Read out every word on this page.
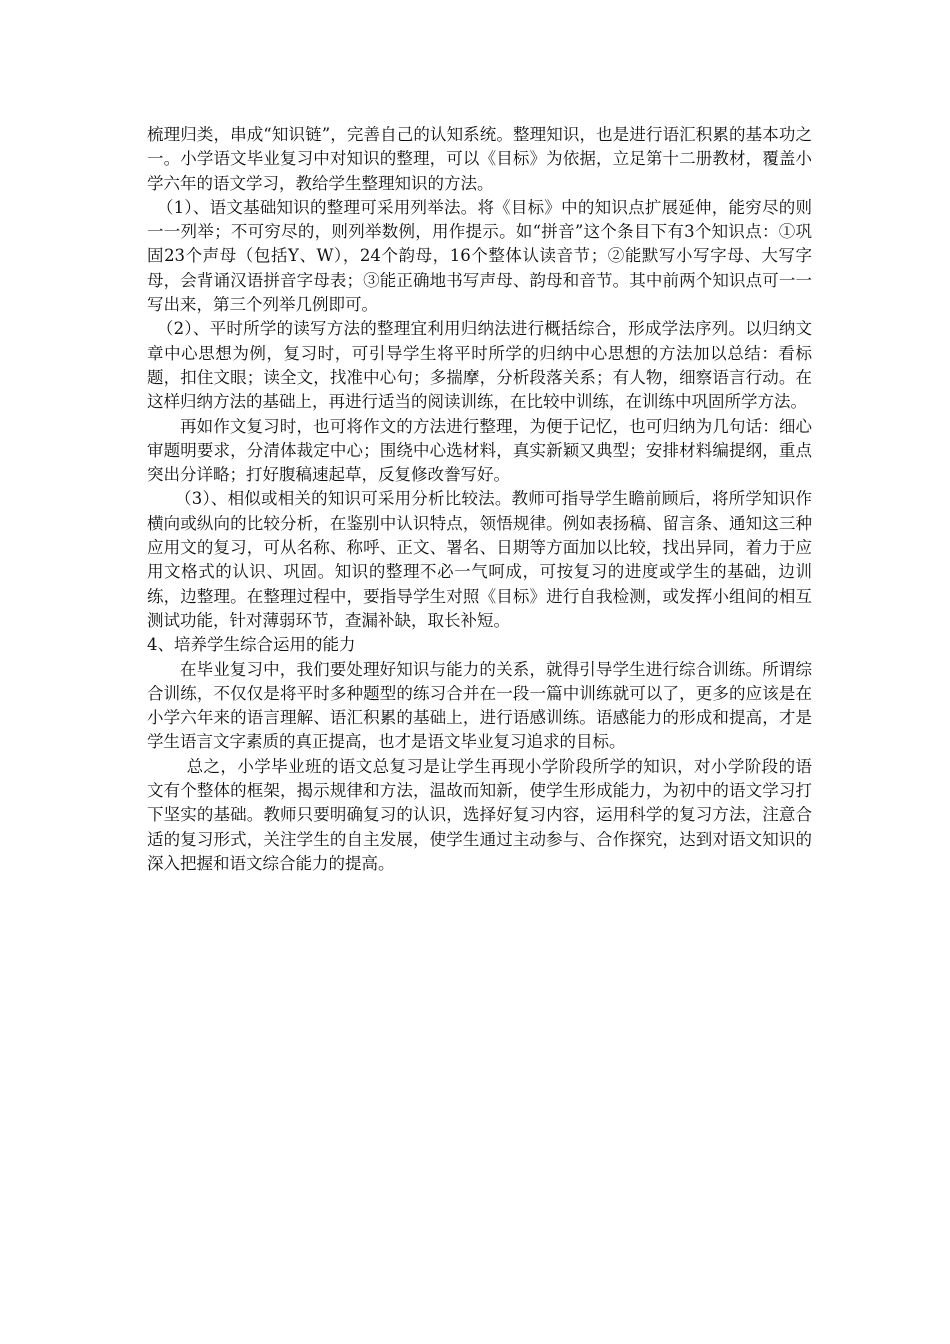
梳理归类，串成“知识链”，完善自己的认知系统。整理知识，也是进行语汇积累的基本功之一。小学语文毕业复习中对知识的整理，可以《目标》为依据，立足第十二册教材，覆盖小学六年的语文学习，教给学生整理知识的方法。

（1）、语文基础知识的整理可采用列举法。将《目标》中的知识点扩展延伸，能穷尽的则一一列举；不可穷尽的，则列举数例，用作提示。如“拼音”这个条目下有3个知识点：①巩固23个声母（包括Y、W），24个韵母，16个整体认读音节；②能默写小写字母、大写字母，会背诵汉语拼音字母表；③能正确地书写声母、韵母和音节。其中前两个知识点可一一写出来，第三个列举几例即可。

（2）、平时所学的读写方法的整理宜利用归纳法进行概括综合，形成学法序列。以归纳文章中心思想为例，复习时，可引导学生将平时所学的归纳中心思想的方法加以总结：看标题，扣住文眼；读全文，找准中心句；多揣摩，分析段落关系；有人物，细察语言行动。在这样归纳方法的基础上，再进行适当的阅读训练，在比较中训练，在训练中巩固所学方法。

再如作文复习时，也可将作文的方法进行整理，为便于记忆，也可归纳为几句话：细心审题明要求，分清体裁定中心；围绕中心选材料，真实新颖又典型；安排材料编提纲，重点突出分详略；打好腹稿速起草，反复修改誊写好。

（3）、相似或相关的知识可采用分析比较法。教师可指导学生瞻前顾后，将所学知识作横向或纵向的比较分析，在鉴别中认识特点，领悟规律。例如表扬稿、留言条、通知这三种应用文的复习，可从名称、称呼、正文、署名、日期等方面加以比较，找出异同，着力于应用文格式的认识、巩固。知识的整理不必一气呵成，可按复习的进度或学生的基础，边训练，边整理。在整理过程中，要指导学生对照《目标》进行自我检测，或发挥小组间的相互测试功能，针对薄弱环节，查漏补缺，取长补短。

4、培养学生综合运用的能力

在毕业复习中，我们要处理好知识与能力的关系，就得引导学生进行综合训练。所谓综合训练，不仅仅是将平时多种题型的练习合并在一段一篇中训练就可以了，更多的应该是在小学六年来的语言理解、语汇积累的基础上，进行语感训练。语感能力的形成和提高，才是学生语言文字素质的真正提高，也才是语文毕业复习追求的目标。

总之，小学毕业班的语文总复习是让学生再现小学阶段所学的知识，对小学阶段的语文有个整体的框架，揭示规律和方法，温故而知新，使学生形成能力，为初中的语文学习打下坚实的基础。教师只要明确复习的认识，选择好复习内容，运用科学的复习方法，注意合适的复习形式，关注学生的自主发展，使学生通过主动参与、合作探究，达到对语文知识的深入把握和语文综合能力的提高。
